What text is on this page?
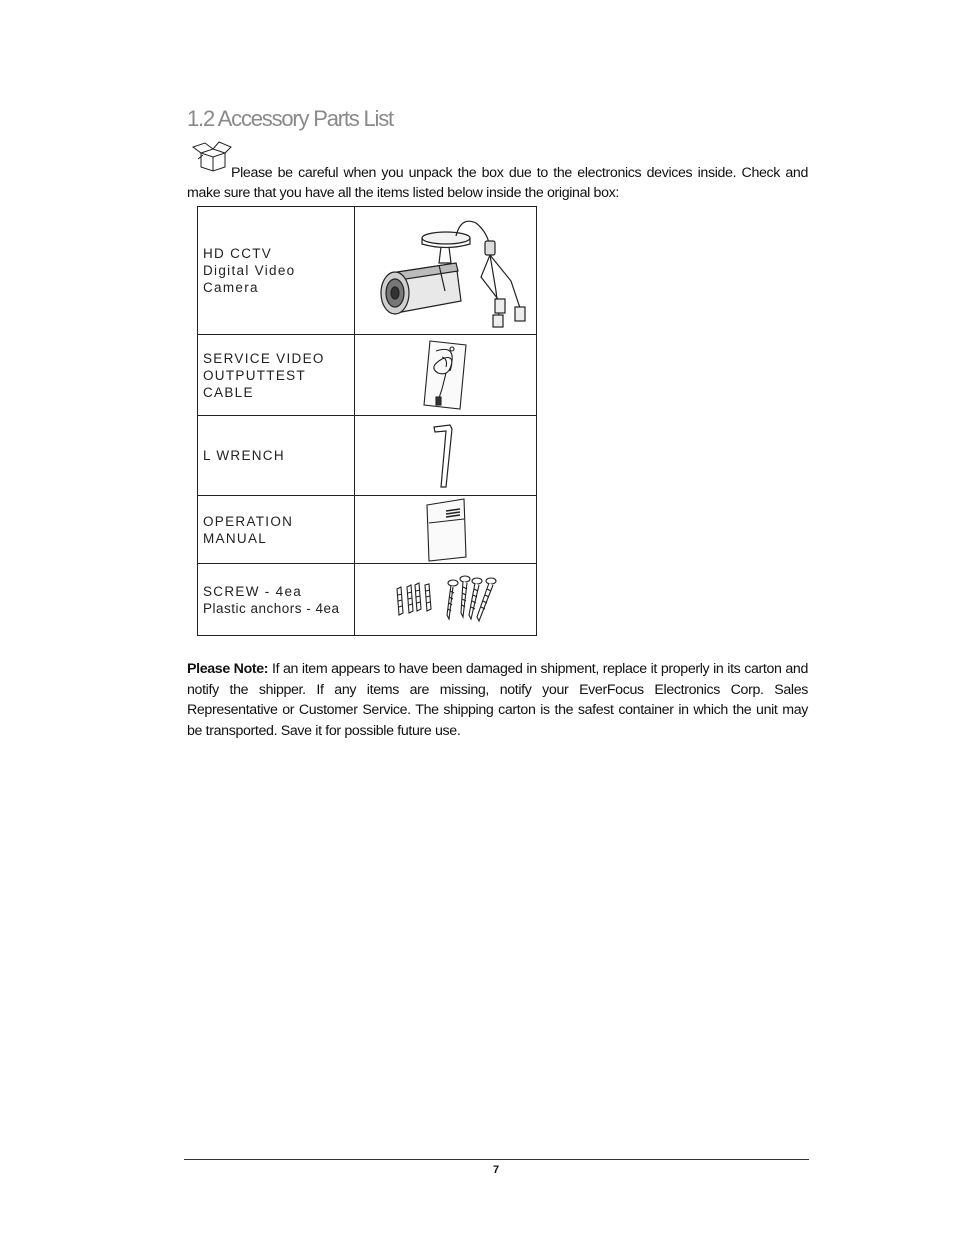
1.2 Accessory Parts List
Please be careful when you unpack the box due to the electronics devices inside. Check and make sure that you have all the items listed below inside the original box:
HD CCTV
Digital Video
Camera

SERVICE VIDEO
OUTPUTTEST
CABLE

L WRENCH

OPERATION
MANUAL

SCREW - 4ea
Plastic anchors - 4ea

Please Note: If an item appears to have been damaged in shipment, replace it properly in its carton and notify the shipper. If any items are missing, notify your EverFocus Electronics Corp. Sales Representative or Customer Service. The shipping carton is the safest container in which the unit may be transported. Save it for possible future use.
7
